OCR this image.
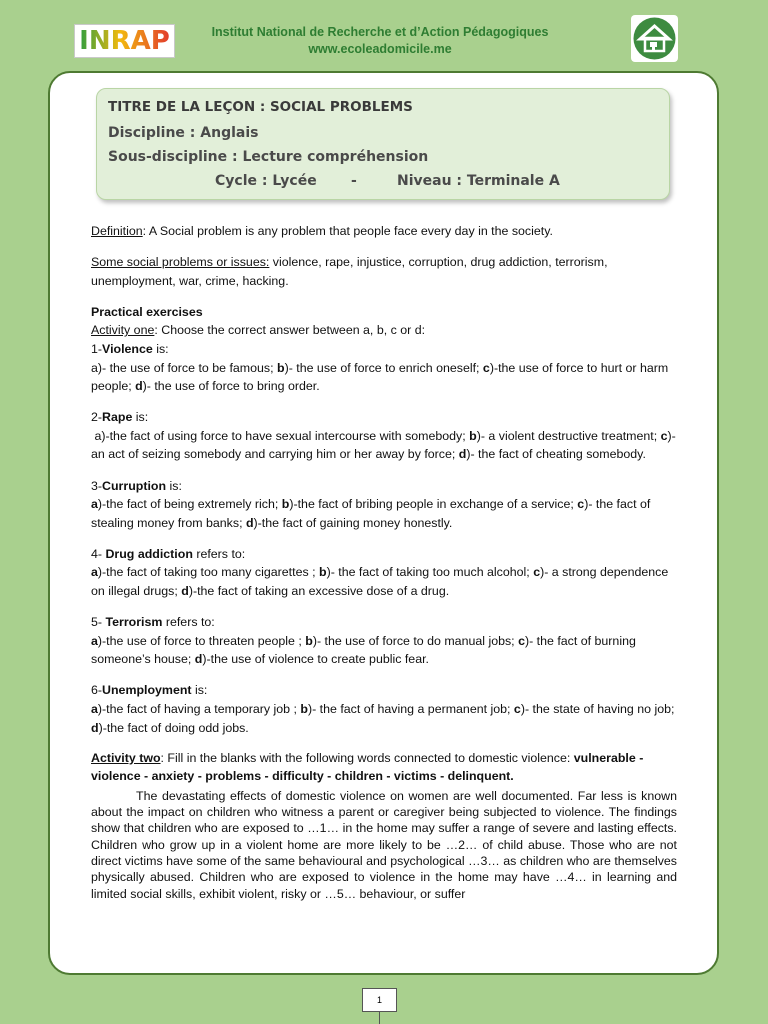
INRAP	Institut National de Recherche et d’Action Pédagogiques
www.ecoleadomicile.me
TITRE DE LA LEÇON : SOCIAL PROBLEMS
Discipline : Anglais
Sous-discipline : Lecture compréhension
Cycle : Lycée -	Niveau : Terminale A

Definition: A Social problem is any problem that people face every day in the society.

Some social problems or issues: violence, rape, injustice, corruption, drug addiction, terrorism, unemployment, war, crime, hacking.

Practical exercises

Activity one: Choose the correct answer between a, b, c or d:

1-Violence is:

a)- the use of force to be famous; b)- the use of force to enrich oneself; c)-the use of force to hurt or harm people; d)- the use of force to bring order.

2-Rape is:

a)-the fact of using force to have sexual intercourse with somebody; b)- a violent destructive treatment; c)- an act of seizing somebody and carrying him or her away by force; d)- the fact of cheating somebody.

3-Curruption is:

a)-the fact of being extremely rich; b)-the fact of bribing people in exchange of a service; c)- the fact of stealing money from banks; d)-the fact of gaining money honestly.

4- Drug addiction refers to:

a)-the fact of taking too many cigarettes ; b)- the fact of taking too much alcohol; c)- a strong dependence on illegal drugs; d)-the fact of taking an excessive dose of a drug.

5- Terrorism refers to:

a)-the use of force to threaten people ; b)- the use of force to do manual jobs; c)- the fact of burning someone’s house; d)-the use of violence to create public fear.

6-Unemployment is:

a)-the fact of having a temporary job ; b)- the fact of having a permanent job; c)- the state of having no job; d)-the fact of doing odd jobs.

Activity two: Fill in the blanks with the following words connected to domestic violence: vulnerable - violence - anxiety - problems - difficulty - children - victims - delinquent.

The devastating effects of domestic violence on women are well documented. Far less is known about the impact on children who witness a parent or caregiver being subjected to violence. The findings show that children who are exposed to …1… in the home may suffer a range of severe and lasting effects. Children who grow up in a violent home are more likely to be …2… of child abuse. Those who are not direct victims have some of the same behavioural and psychological …3… as children who are themselves physically abused. Children who are exposed to violence in the home may have …4… in learning and limited social skills, exhibit violent, risky or …5… behaviour, or suffer

1
